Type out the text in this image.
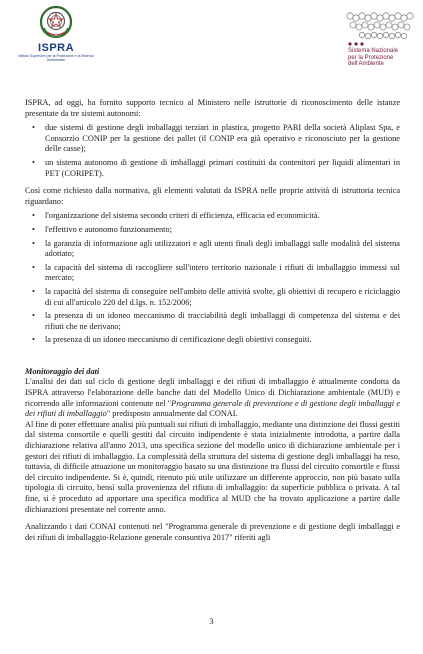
ISPRA
Istituto Superiore per la Protezione e la Ricerca Ambientale
Sistema Nazionale
per la Protezione
dell'Ambiente

ISPRA, ad oggi, ha fornito supporto tecnico al Ministero nelle istruttorie di riconoscimento delle istanze presentate da tre sistemi autonomi:

• due sistemi di gestione degli imballaggi terziari in plastica, progetto PARI della società Aliplast Spa, e Consorzio CONIP per la gestione dei pallet (il CONIP era già operativo e riconosciuto per la gestione delle casse);
• un sistema autonomo di gestione di imballaggi primari costituiti da contenitori per liquidi alimentari in PET (CORIPET).

Così come richiesto dalla normativa, gli elementi valutati da ISPRA nelle proprie attività di istruttoria tecnica riguardano:

• l'organizzazione del sistema secondo criteri di efficienza, efficacia ed economicità.
• l'effettivo e autonomo funzionamento;
• la garanzia di informazione agli utilizzatori e agli utenti finali degli imballaggi sulle modalità del sistema adottato;
• la capacità del sistema di raccogliere sull'intero territorio nazionale i rifiuti di imballaggio immessi sul mercato;
• la capacità del sistema di conseguire nell'ambito delle attività svolte, gli obiettivi di recupero e riciclaggio di cui all'articolo 220 del d.lgs. n. 152/2006;
• la presenza di un idoneo meccanismo di tracciabilità degli imballaggi di competenza del sistema e dei rifiuti che ne derivano;
• la presenza di un idoneo meccanismo di certificazione degli obiettivi conseguiti.

Monitoraggio dei dati

L'analisi dei dati sul ciclo di gestione degli imballaggi e dei rifiuti di imballaggio è attualmente condotta da ISPRA attraverso l'elaborazione delle banche dati del Modello Unico di Dichiarazione ambientale (MUD) e ricorrendo alle informazioni contenute nel "Programma generale di prevenzione e di gestione degli imballaggi e dei rifiuti di imballaggio" predisposto annualmente dal CONAI.

Al fine di poter effettuare analisi più puntuali sui rifiuti di imballaggio, mediante una distinzione dei flussi gestiti dal sistema consortile e quelli gestiti dal circuito indipendente è stata inizialmente introdotta, a partire dalla dichiarazione relativa all'anno 2013, una specifica sezione del modello unico di dichiarazione ambientale per i gestori dei rifiuti di imballaggio. La complessità della struttura del sistema di gestione degli imballaggi ha reso, tuttavia, di difficile attuazione un monitoraggio basato su una distinzione tra flussi del circuito consortile e flussi del circuito indipendente. Si è, quindi, ritenuto più utile utilizzare un differente approccio, non più basato sulla tipologia di circuito, bensì sulla provenienza del rifiuto di imballaggio: da superficie pubblica o privata. A tal fine, si è proceduto ad apportare una specifica modifica al MUD che ha trovato applicazione a partire dalle dichiarazioni presentate nel corrente anno.

Analizzando i dati CONAI contenuti nel "Programma generale di prevenzione e di gestione degli imballaggi e dei rifiuti di imballaggio-Relazione generale consuntiva 2017" riferiti agli

3
